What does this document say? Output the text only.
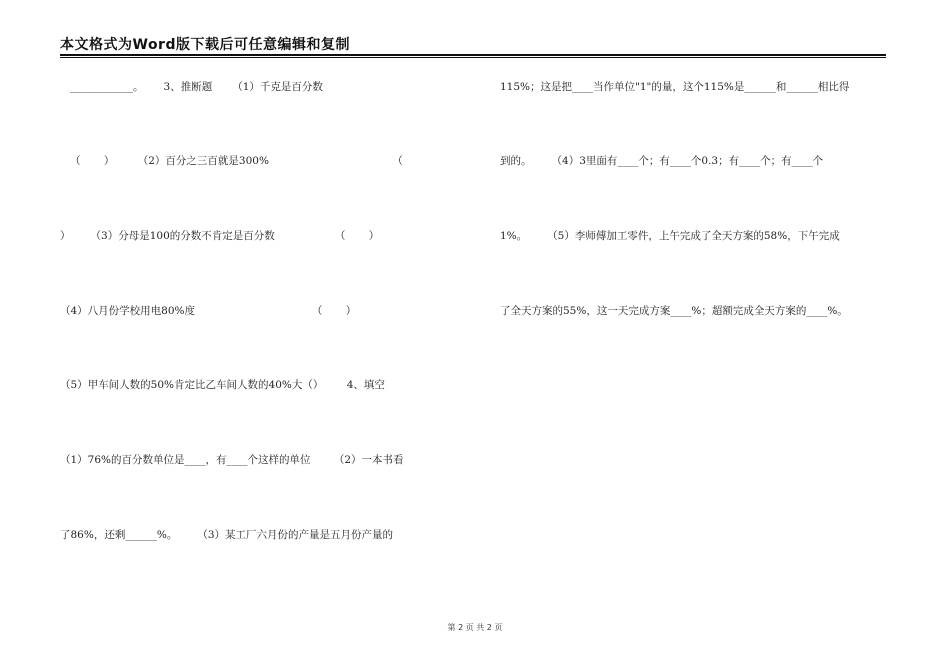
本文格式为Word版下载后可任意编辑和复制
____________。      3、推断题      （1）千克是百分数
（       ）       （2）百分之三百就是300%                                     （
）      （3）分母是100的分数不肯定是百分数                  （       ）
（4）八月份学校用电80%度                                   （       ）
（5）甲车间人数的50%肯定比乙车间人数的40%大（）       4、填空
（1）76%的百分数单位是____，有____个这样的单位       （2）一本书看
了86%，还剩______%。      （3）某工厂六月份的产量是五月份产量的
115%；这是把____当作单位"1"的量，这个115%是______和______相比得
到的。      （4）3里面有____个；有____个0.3；有____个；有____个
1%。      （5）李师傅加工零件，上午完成了全天方案的58%，下午完成
了全天方案的55%，这一天完成方案____%；超额完成全天方案的____%。
第 2 页 共 2 页
